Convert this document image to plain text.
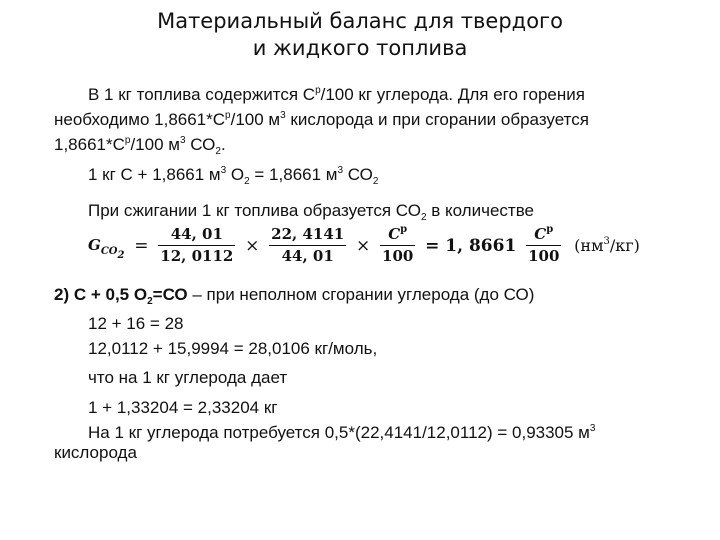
Материальный баланс для твердого
и жидкого топлива
В 1 кг топлива содержится $С^р/100$ кг углерода. Для его горения
необходимо $1,8661*С^р/100$ $м^3$ кислорода и при сгорании образуется
$1,8661*С^р/100$ $м^3$ $СО_2$.
1 кг С + 1,8661 $м^3$ $О_2 = 1,8661$ $м^3$ $СО_2$
При сжигании 1 кг топлива образуется $СО_2$ в количестве
$G_{CO_2} = \frac{44, 01}{12, 0112} \times \frac{22, 4141}{44, 01} \times \frac{C^р}{100} = 1$, $8661 \frac{C^р}{100} (нм^3/кг)$
2) С + 0,5 $О_2=СО$ – при неполном сгорании углерода (до СО)
12 + 16 = 28
12,0112 + 15,9994 = 28,0106 кг/моль,
что на 1 кг углерода дает
1 + 1,33204 = 2,33204 кг
На 1 кг углерода потребуется 0,5*(22,4141/12,0112) = 0,93305 $м^3$
кислорода
